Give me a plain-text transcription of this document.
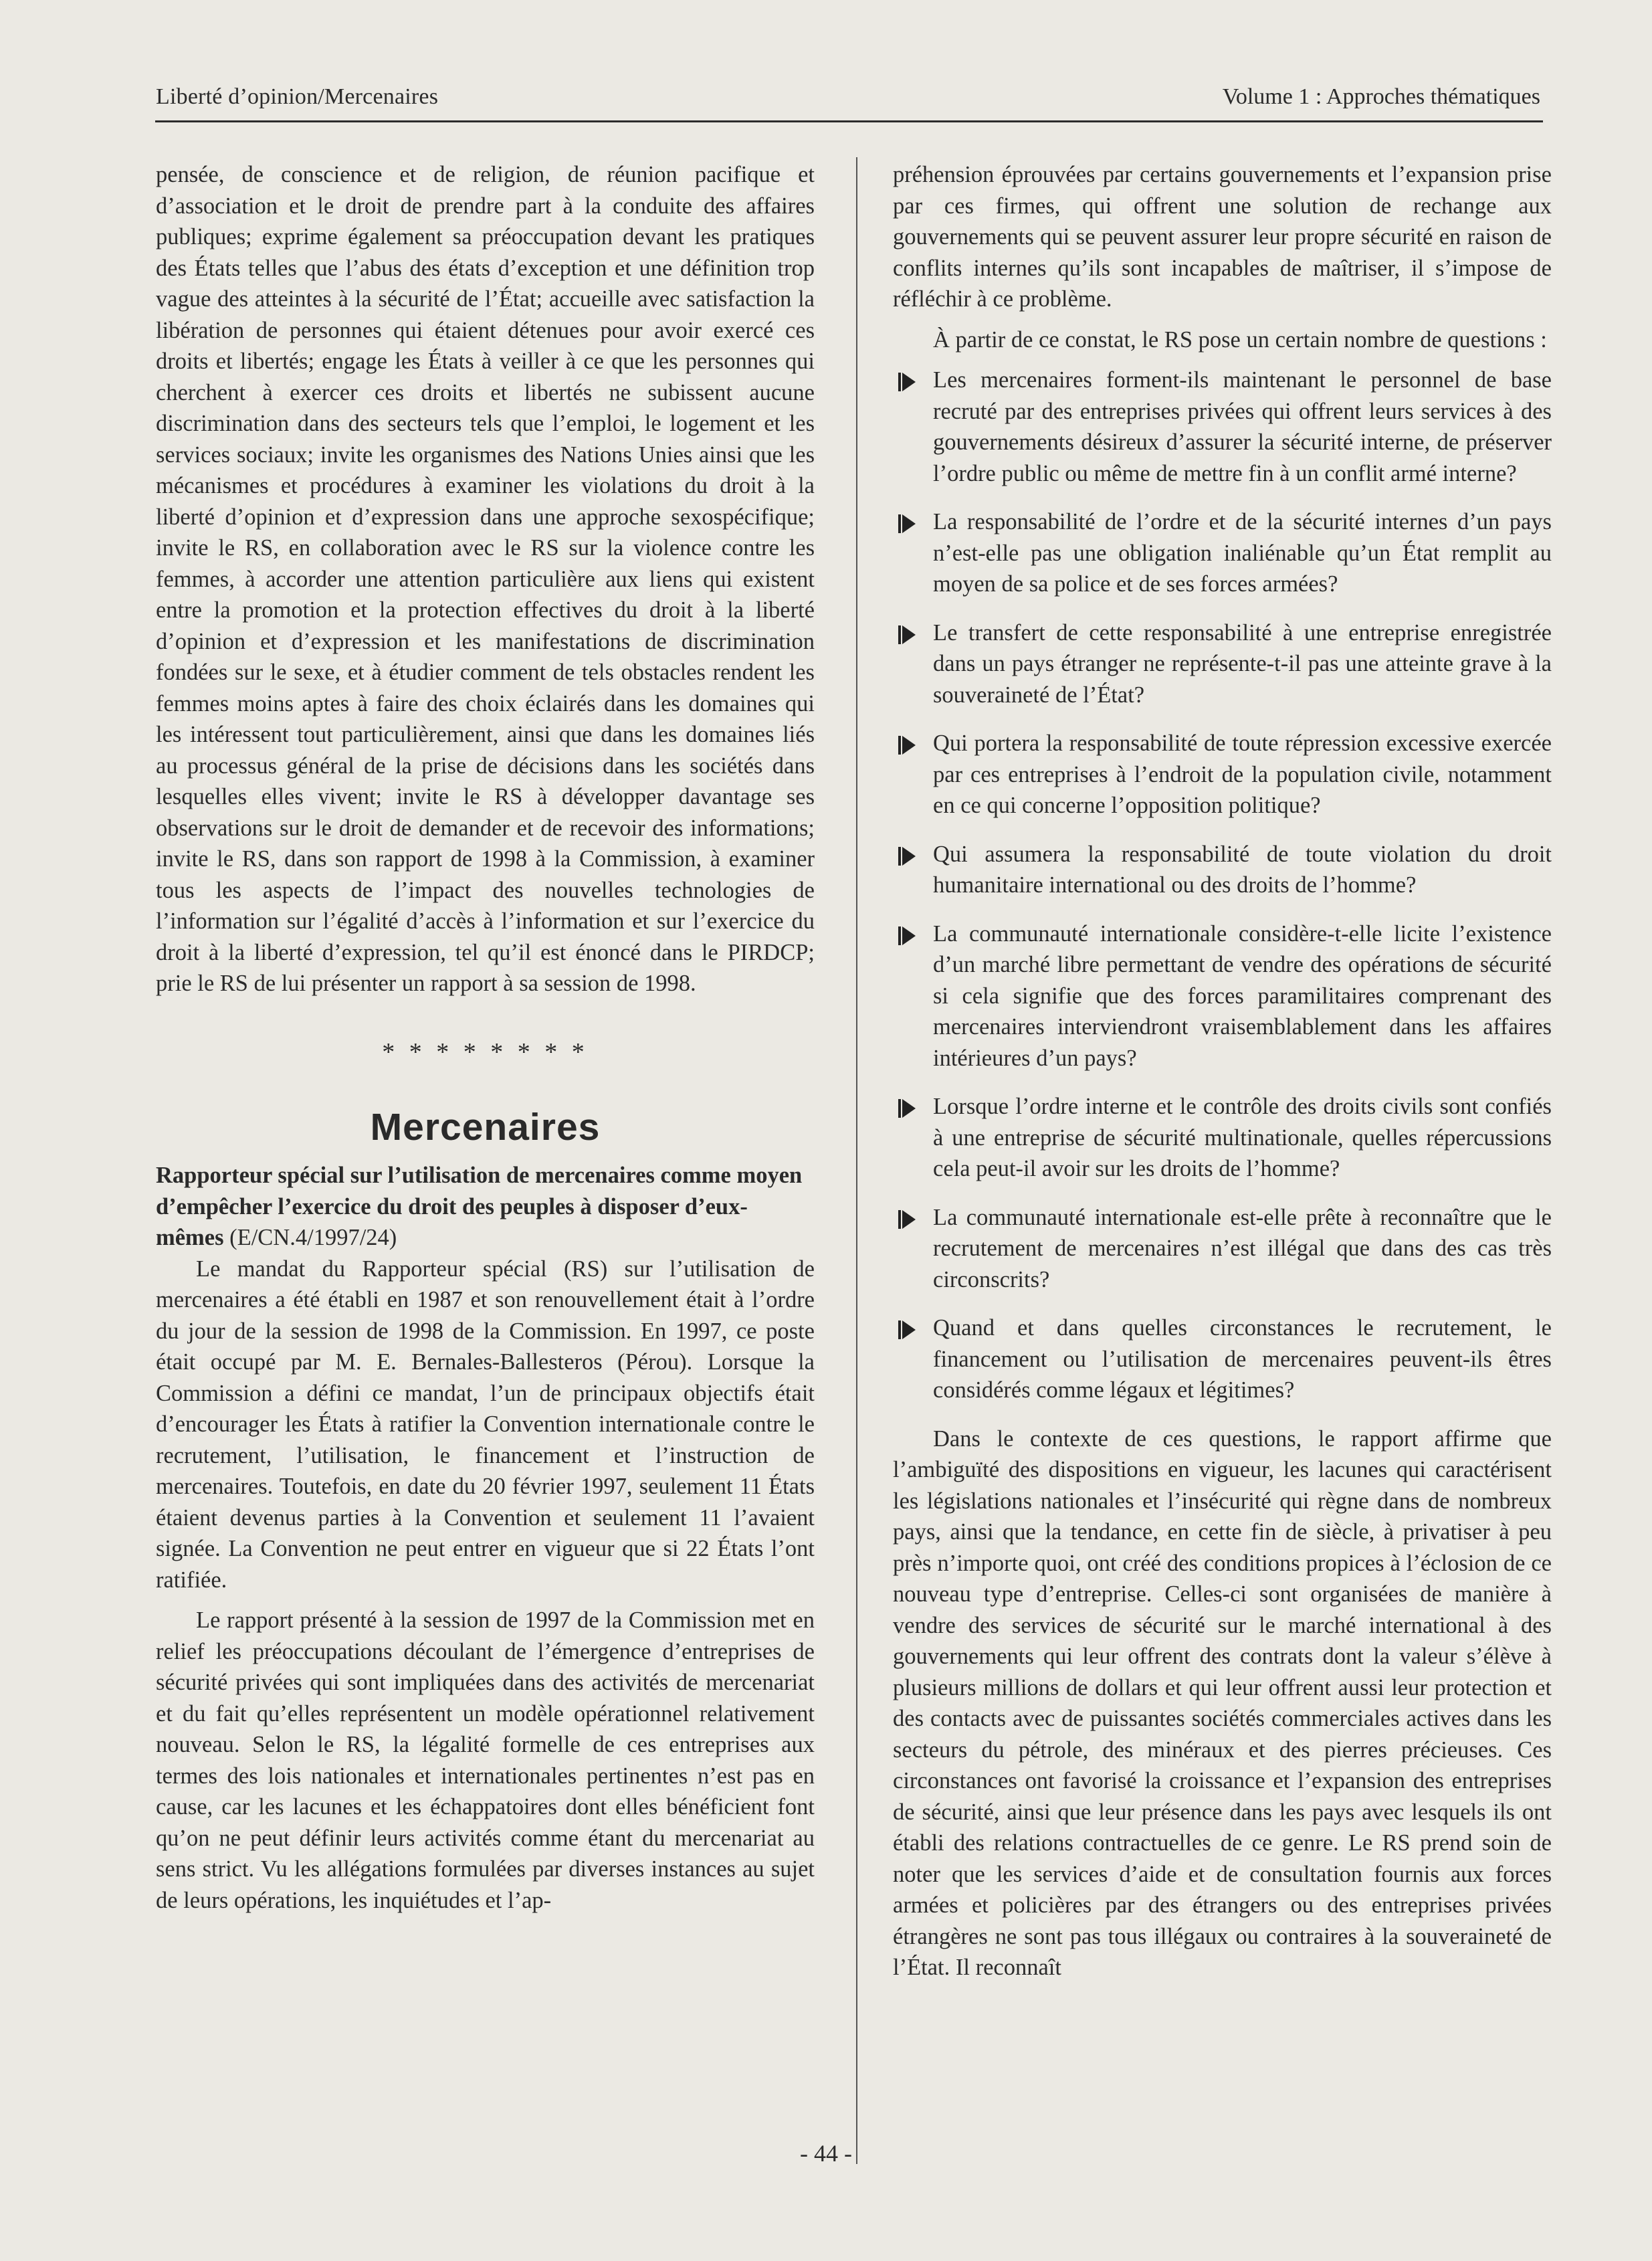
Liberté d’opinion/Mercenaires	Volume 1 : Approches thématiques

pensée, de conscience et de religion, de réunion pacifique et d’association et le droit de prendre part à la conduite des affaires publiques; exprime également sa préoccupation devant les pratiques des États telles que l’abus des états d’exception et une définition trop vague des atteintes à la sécurité de l’État; accueille avec satisfaction la libération de personnes qui étaient détenues pour avoir exercé ces droits et libertés; engage les États à veiller à ce que les personnes qui cherchent à exercer ces droits et libertés ne subissent aucune discrimination dans des secteurs tels que l’emploi, le logement et les services sociaux; invite les organismes des Nations Unies ainsi que les mécanismes et procédures à examiner les violations du droit à la liberté d’opinion et d’expression dans une approche sexospécifique; invite le RS, en collaboration avec le RS sur la violence contre les femmes, à accorder une attention particulière aux liens qui existent entre la promotion et la protection effectives du droit à la liberté d’opinion et d’expression et les manifestations de discrimination fondées sur le sexe, et à étudier comment de tels obstacles rendent les femmes moins aptes à faire des choix éclairés dans les domaines qui les intéressent tout particulièrement, ainsi que dans les domaines liés au processus général de la prise de décisions dans les sociétés dans lesquelles elles vivent; invite le RS à développer davantage ses observations sur le droit de demander et de recevoir des informations; invite le RS, dans son rapport de 1998 à la Commission, à examiner tous les aspects de l’impact des nouvelles technologies de l’information sur l’égalité d’accès à l’information et sur l’exercice du droit à la liberté d’expression, tel qu’il est énoncé dans le PIRDCP; prie le RS de lui présenter un rapport à sa session de 1998.

* * * * * * * *
Mercenaires

Rapporteur spécial sur l’utilisation de mercenaires comme moyen d’empêcher l’exercice du droit des peuples à disposer d’eux-mêmes (E/CN.4/1997/24)

Le mandat du Rapporteur spécial (RS) sur l’utilisation de mercenaires a été établi en 1987 et son renouvellement était à l’ordre du jour de la session de 1998 de la Commission. En 1997, ce poste était occupé par M. E. Bernales-Ballesteros (Pérou). Lorsque la Commission a défini ce mandat, l’un de principaux objectifs était d’encourager les États à ratifier la Convention internationale contre le recrutement, l’utilisation, le financement et l’instruction de mercenaires. Toutefois, en date du 20 février 1997, seulement 11 États étaient devenus parties à la Convention et seulement 11 l’avaient signée. La Convention ne peut entrer en vigueur que si 22 États l’ont ratifiée.

Le rapport présenté à la session de 1997 de la Commission met en relief les préoccupations découlant de l’émergence d’entreprises de sécurité privées qui sont impliquées dans des activités de mercenariat et du fait qu’elles représentent un modèle opérationnel relativement nouveau. Selon le RS, la légalité formelle de ces entreprises aux termes des lois nationales et internationales pertinentes n’est pas en cause, car les lacunes et les échappatoires dont elles bénéficient font qu’on ne peut définir leurs activités comme étant du mercenariat au sens strict. Vu les allégations formulées par diverses instances au sujet de leurs opérations, les inquiétudes et l’ap-

préhension éprouvées par certains gouvernements et l’expansion prise par ces firmes, qui offrent une solution de rechange aux gouvernements qui se peuvent assurer leur propre sécurité en raison de conflits internes qu’ils sont incapables de maîtriser, il s’impose de réfléchir à ce problème.

À partir de ce constat, le RS pose un certain nombre de questions :

Les mercenaires forment-ils maintenant le personnel de base recruté par des entreprises privées qui offrent leurs services à des gouvernements désireux d’assurer la sécurité interne, de préserver l’ordre public ou même de mettre fin à un conflit armé interne?
La responsabilité de l’ordre et de la sécurité internes d’un pays n’est-elle pas une obligation inaliénable qu’un État remplit au moyen de sa police et de ses forces armées?
Le transfert de cette responsabilité à une entreprise enregistrée dans un pays étranger ne représente-t-il pas une atteinte grave à la souveraineté de l’État?
Qui portera la responsabilité de toute répression excessive exercée par ces entreprises à l’endroit de la population civile, notamment en ce qui concerne l’opposition politique?
Qui assumera la responsabilité de toute violation du droit humanitaire international ou des droits de l’homme?
La communauté internationale considère-t-elle licite l’existence d’un marché libre permettant de vendre des opérations de sécurité si cela signifie que des forces paramilitaires comprenant des mercenaires interviendront vraisemblablement dans les affaires intérieures d’un pays?
Lorsque l’ordre interne et le contrôle des droits civils sont confiés à une entreprise de sécurité multinationale, quelles répercussions cela peut-il avoir sur les droits de l’homme?
La communauté internationale est-elle prête à reconnaître que le recrutement de mercenaires n’est illégal que dans des cas très circonscrits?
Quand et dans quelles circonstances le recrutement, le financement ou l’utilisation de mercenaires peuvent-ils êtres considérés comme légaux et légitimes?

Dans le contexte de ces questions, le rapport affirme que l’ambiguïté des dispositions en vigueur, les lacunes qui caractérisent les législations nationales et l’insécurité qui règne dans de nombreux pays, ainsi que la tendance, en cette fin de siècle, à privatiser à peu près n’importe quoi, ont créé des conditions propices à l’éclosion de ce nouveau type d’entreprise. Celles-ci sont organisées de manière à vendre des services de sécurité sur le marché international à des gouvernements qui leur offrent des contrats dont la valeur s’élève à plusieurs millions de dollars et qui leur offrent aussi leur protection et des contacts avec de puissantes sociétés commerciales actives dans les secteurs du pétrole, des minéraux et des pierres précieuses. Ces circonstances ont favorisé la croissance et l’expansion des entreprises de sécurité, ainsi que leur présence dans les pays avec lesquels ils ont établi des relations contractuelles de ce genre. Le RS prend soin de noter que les services d’aide et de consultation fournis aux forces armées et policières par des étrangers ou des entreprises privées étrangères ne sont pas tous illégaux ou contraires à la souveraineté de l’État. Il reconnaît

- 44 -
